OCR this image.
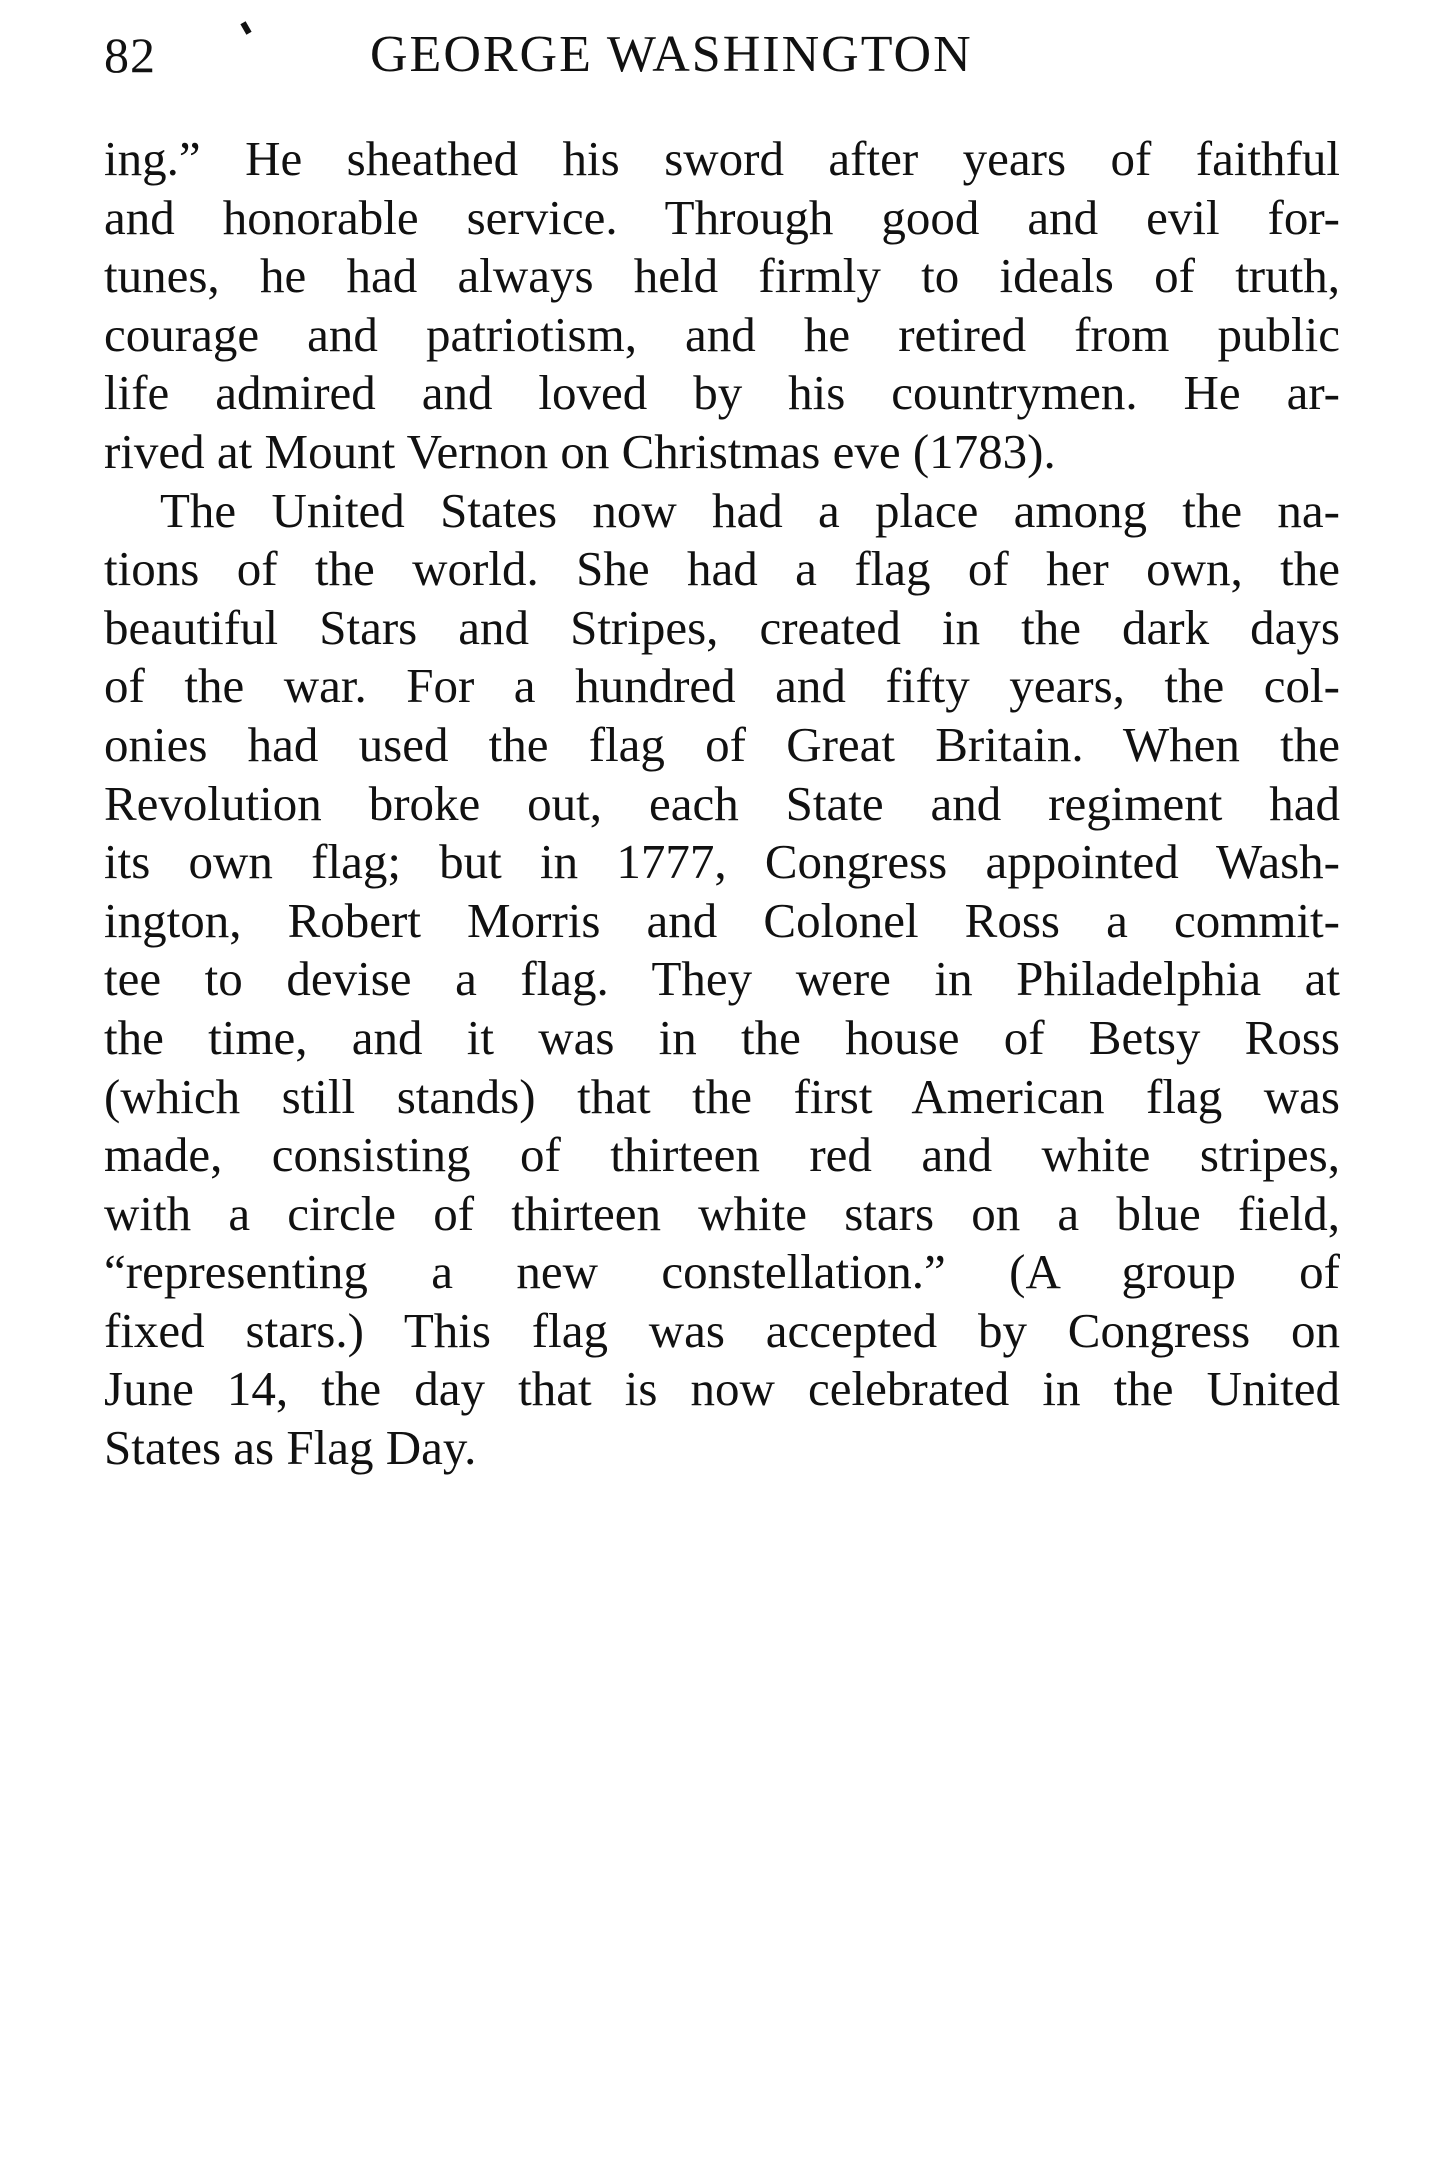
82	GEORGE WASHINGTON
ing.” He sheathed his sword after years of faithful
and honorable service. Through good and evil for-
tunes, he had always held firmly to ideals of truth,
courage and patriotism, and he retired from public
life admired and loved by his countrymen. He ar-
rived at Mount Vernon on Christmas eve (1783).
The United States now had a place among the na-
tions of the world. She had a flag of her own, the
beautiful Stars and Stripes, created in the dark days
of the war. For a hundred and fifty years, the col-
onies had used the flag of Great Britain. When the
Revolution broke out, each State and regiment had
its own flag; but in 1777, Congress appointed Wash-
ington, Robert Morris and Colonel Ross a commit-
tee to devise a flag. They were in Philadelphia at
the time, and it was in the house of Betsy Ross
(which still stands) that the first American flag was
made, consisting of thirteen red and white stripes,
with a circle of thirteen white stars on a blue field,
“representing a new constellation.” (A group of
fixed stars.) This flag was accepted by Congress on
June 14, the day that is now celebrated in the United
States as Flag Day.
